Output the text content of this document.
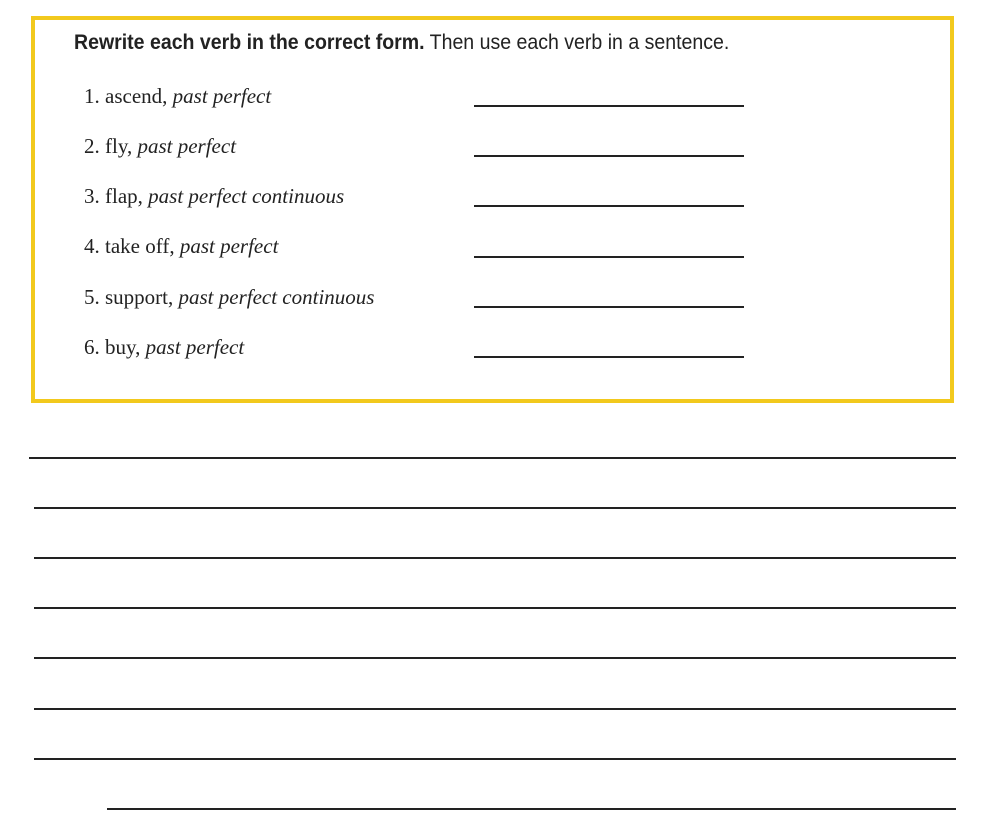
Rewrite each verb in the correct form. Then use each verb in a sentence.
1. ascend, past perfect
2. fly, past perfect
3. flap, past perfect continuous
4. take off, past perfect
5. support, past perfect continuous
6. buy, past perfect
